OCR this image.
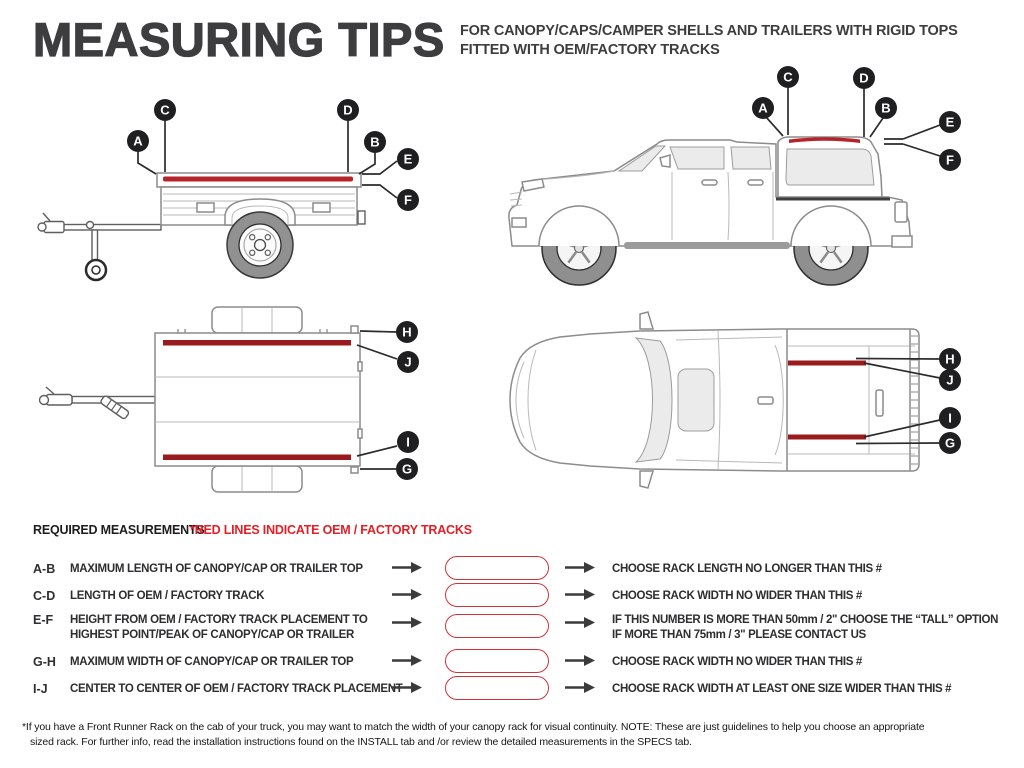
MEASURING TIPS FOR CANOPY/CAPS/CAMPER SHELLS AND TRAILERS WITH RIGID TOPS
FITTED WITH OEM/FACTORY TRACKS
C	D
A	B
E
F
C	D
A	B
E
F
H
J
I
G
H
J
I
G
REQUIRED MEASUREMENTS
*RED LINES INDICATE OEM / FACTORY TRACKS
A-B MAXIMUM LENGTH OF CANOPY/CAP OR TRAILER TOP	CHOOSE RACK LENGTH NO LONGER THAN THIS #
C-D LENGTH OF OEM / FACTORY TRACK	CHOOSE RACK WIDTH NO WIDER THAN THIS #
E-F HEIGHT FROM OEM / FACTORY TRACK PLACEMENT TO
HIGHEST POINT/PEAK OF CANOPY/CAP OR TRAILER
IF THIS NUMBER IS MORE THAN 50mm / 2" CHOOSE THE “TALL” OPTION
IF MORE THAN 75mm / 3" PLEASE CONTACT US
G-H MAXIMUM WIDTH OF CANOPY/CAP OR TRAILER TOP	CHOOSE RACK WIDTH NO WIDER THAN THIS #
I-J CENTER TO CENTER OF OEM / FACTORY TRACK PLACEMENT	CHOOSE RACK WIDTH AT LEAST ONE SIZE WIDER THAN THIS #
*If you have a Front Runner Rack on the cab of your truck, you may want to match the width of your canopy rack for visual continuity. NOTE: These are just guidelines to help you choose an appropriate
sized rack. For further info, read the installation instructions found on the INSTALL tab and /or review the detailed measurements in the SPECS tab.
